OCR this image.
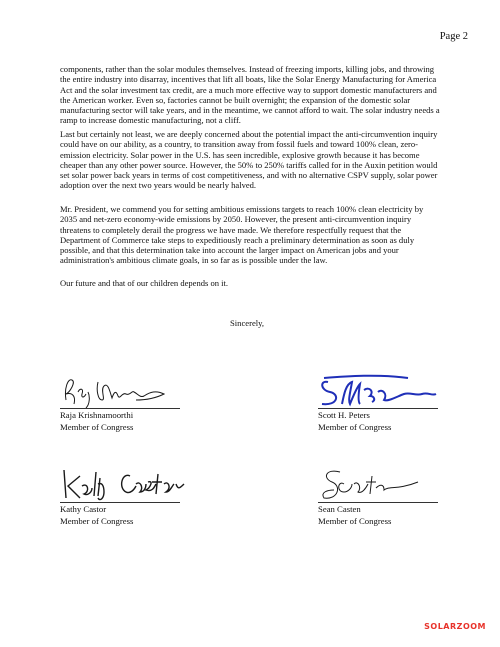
Page 2

components, rather than the solar modules themselves. Instead of freezing imports, killing jobs, and throwing the entire industry into disarray, incentives that lift all boats, like the Solar Energy Manufacturing for America Act and the solar investment tax credit, are a much more effective way to support domestic manufacturers and the American worker. Even so, factories cannot be built overnight; the expansion of the domestic solar manufacturing sector will take years, and in the meantime, we cannot afford to wait. The solar industry needs a ramp to increase domestic manufacturing, not a cliff.

Last but certainly not least, we are deeply concerned about the potential impact the anti-circumvention inquiry could have on our ability, as a country, to transition away from fossil fuels and toward 100% clean, zero-emission electricity. Solar power in the U.S. has seen incredible, explosive growth because it has become cheaper than any other power source. However, the 50% to 250% tariffs called for in the Auxin petition would set solar power back years in terms of cost competitiveness, and with no alternative CSPV supply, solar power adoption over the next two years would be nearly halved.

Mr. President, we commend you for setting ambitious emissions targets to reach 100% clean electricity by 2035 and net-zero economy-wide emissions by 2050. However, the present anti-circumvention inquiry threatens to completely derail the progress we have made. We therefore respectfully request that the Department of Commerce take steps to expeditiously reach a preliminary determination as soon as duly possible, and that this determination take into account the larger impact on American jobs and your administration's ambitious climate goals, in so far as is possible under the law.

Our future and that of our children depends on it.

Sincerely,
Raja Krishnamoorthi
Member of Congress
Scott H. Peters
Member of Congress
Kathy Castor
Member of Congress
Sean Casten
Member of Congress
SOLARZOOM
